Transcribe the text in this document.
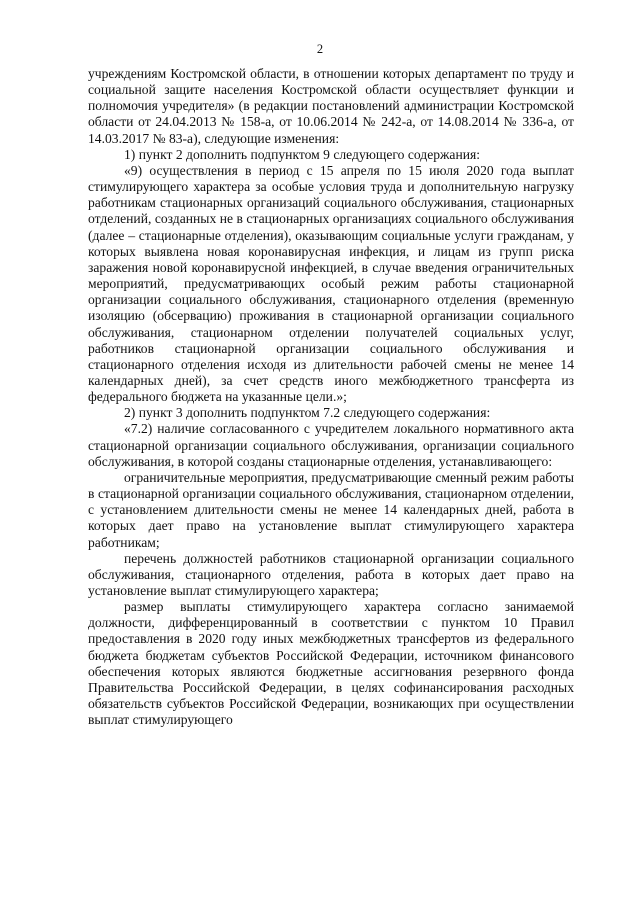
2

учреждениям Костромской области, в отношении которых департамент по труду и социальной защите населения Костромской области осуществляет функции и полномочия учредителя» (в редакции постановлений администрации Костромской области от 24.04.2013 № 158-а, от 10.06.2014 № 242-а, от 14.08.2014 № 336-а, от 14.03.2017 № 83-а), следующие изменения:

1) пункт 2 дополнить подпунктом 9 следующего содержания:

«9) осуществления в период с 15 апреля по 15 июля 2020 года выплат стимулирующего характера за особые условия труда и дополнительную нагрузку работникам стационарных организаций социального обслуживания, стационарных отделений, созданных не в стационарных организациях социального обслуживания (далее – стационарные отделения), оказывающим социальные услуги гражданам, у которых выявлена новая коронавирусная инфекция, и лицам из групп риска заражения новой коронавирусной инфекцией, в случае введения ограничительных мероприятий, предусматривающих особый режим работы стационарной организации социального обслуживания, стационарного отделения (временную изоляцию (обсервацию) проживания в стационарной организации социального обслуживания, стационарном отделении получателей социальных услуг, работников стационарной организации социального обслуживания и стационарного отделения исходя из длительности рабочей смены не менее 14 календарных дней), за счет средств иного межбюджетного трансферта из федерального бюджета на указанные цели.»;

2) пункт 3 дополнить подпунктом 7.2 следующего содержания:

«7.2) наличие согласованного с учредителем локального нормативного акта стационарной организации социального обслуживания, организации социального обслуживания, в которой созданы стационарные отделения, устанавливающего:

ограничительные мероприятия, предусматривающие сменный режим работы в стационарной организации социального обслуживания, стационарном отделении, с установлением длительности смены не менее 14 календарных дней, работа в которых дает право на установление выплат стимулирующего характера работникам;

перечень должностей работников стационарной организации социального обслуживания, стационарного отделения, работа в которых дает право на установление выплат стимулирующего характера;

размер выплаты стимулирующего характера согласно занимаемой должности, дифференцированный в соответствии с пунктом 10 Правил предоставления в 2020 году иных межбюджетных трансфертов из федерального бюджета бюджетам субъектов Российской Федерации, источником финансового обеспечения которых являются бюджетные ассигнования резервного фонда Правительства Российской Федерации, в целях софинансирования расходных обязательств субъектов Российской Федерации, возникающих при осуществлении выплат стимулирующего
